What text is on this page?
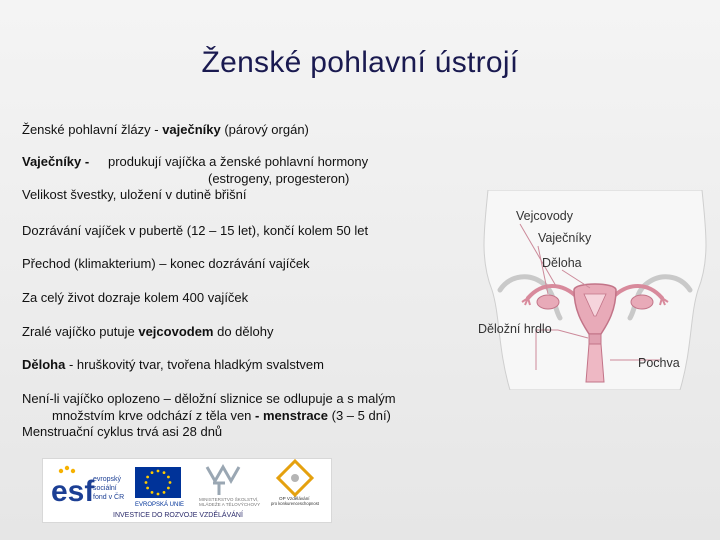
Ženské pohlavní ústrojí
Ženské pohlavní žlázy - vaječníky (párový orgán)
Vaječníky - produkují vajíčka a ženské pohlavní hormony
(estrogeny, progesteron)
Velikost švestky, uložení v dutině břišní
Dozrávání vajíček v pubertě (12 – 15 let), končí kolem 50 let
Přechod (klimakterium) – konec dozrávání vajíček
Za celý život dozraje kolem 400 vajíček
Zralé vajíčko putuje vejcovodem do dělohy
Děloha - hruškovitý tvar, tvořena hladkým svalstvem
Není-li vajíčko oplozeno – děložní sliznice se odlupuje a s malým
množstvím krve odchází z těla ven - menstrace (3 – 5 dní)
Menstruační cyklus trvá asi 28 dnů
Vejcovody
Vaječníky
Děloha
Děložní hrdlo
Pochva
esf
evropský
sociální
fond v ČR
EVROPSKÁ UNIE
MINISTERSTVO ŠKOLSTVÍ,
MLÁDEŽE A TĚLOVÝCHOVY
OP Vzdělávání
pro konkurenceschopnost
INVESTICE DO ROZVOJE VZDĚLÁVÁNÍ
